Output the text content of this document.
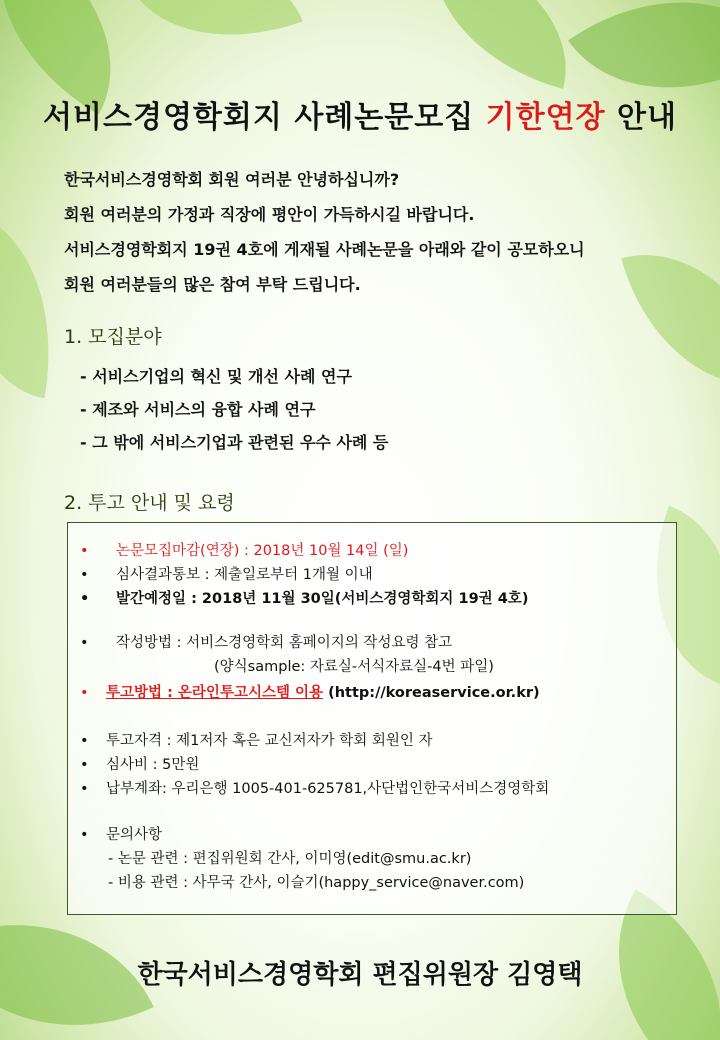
서비스경영학회지 사례논문모집 기한연장 안내
한국서비스경영학회 회원 여러분 안녕하십니까?
회원 여러분의 가정과 직장에 평안이 가득하시길 바랍니다.
서비스경영학회지 19권 4호에 게재될 사례논문을 아래와 같이 공모하오니
회원 여러분들의 많은 참여 부탁 드립니다.
1. 모집분야
- 서비스기업의 혁신 및 개선 사례 연구
- 제조와 서비스의 융합 사례 연구
- 그 밖에 서비스기업과 관련된 우수 사례 등
2. 투고 안내 및 요령
• 논문모집마감(연장) : 2018년 10월 14일 (일)
• 심사결과통보 : 제출일로부터 1개월 이내
• 발간예정일 : 2018년 11월 30일(서비스경영학회지 19권 4호)
• 작성방법 : 서비스경영학회 홈페이지의 작성요령 참고
(양식sample: 자료실-서식자료실-4번 파일)
• 투고방법 : 온라인투고시스템 이용 (http://koreaservice.or.kr)
• 투고자격 : 제1저자 혹은 교신저자가 학회 회원인 자
• 심사비 : 5만원
• 납부계좌: 우리은행 1005-401-625781,사단법인한국서비스경영학회
• 문의사항
- 논문 관련 : 편집위원회 간사, 이미영(edit@smu.ac.kr)
- 비용 관련 : 사무국 간사, 이슬기(happy_service@naver.com)
한국서비스경영학회 편집위원장 김영택
